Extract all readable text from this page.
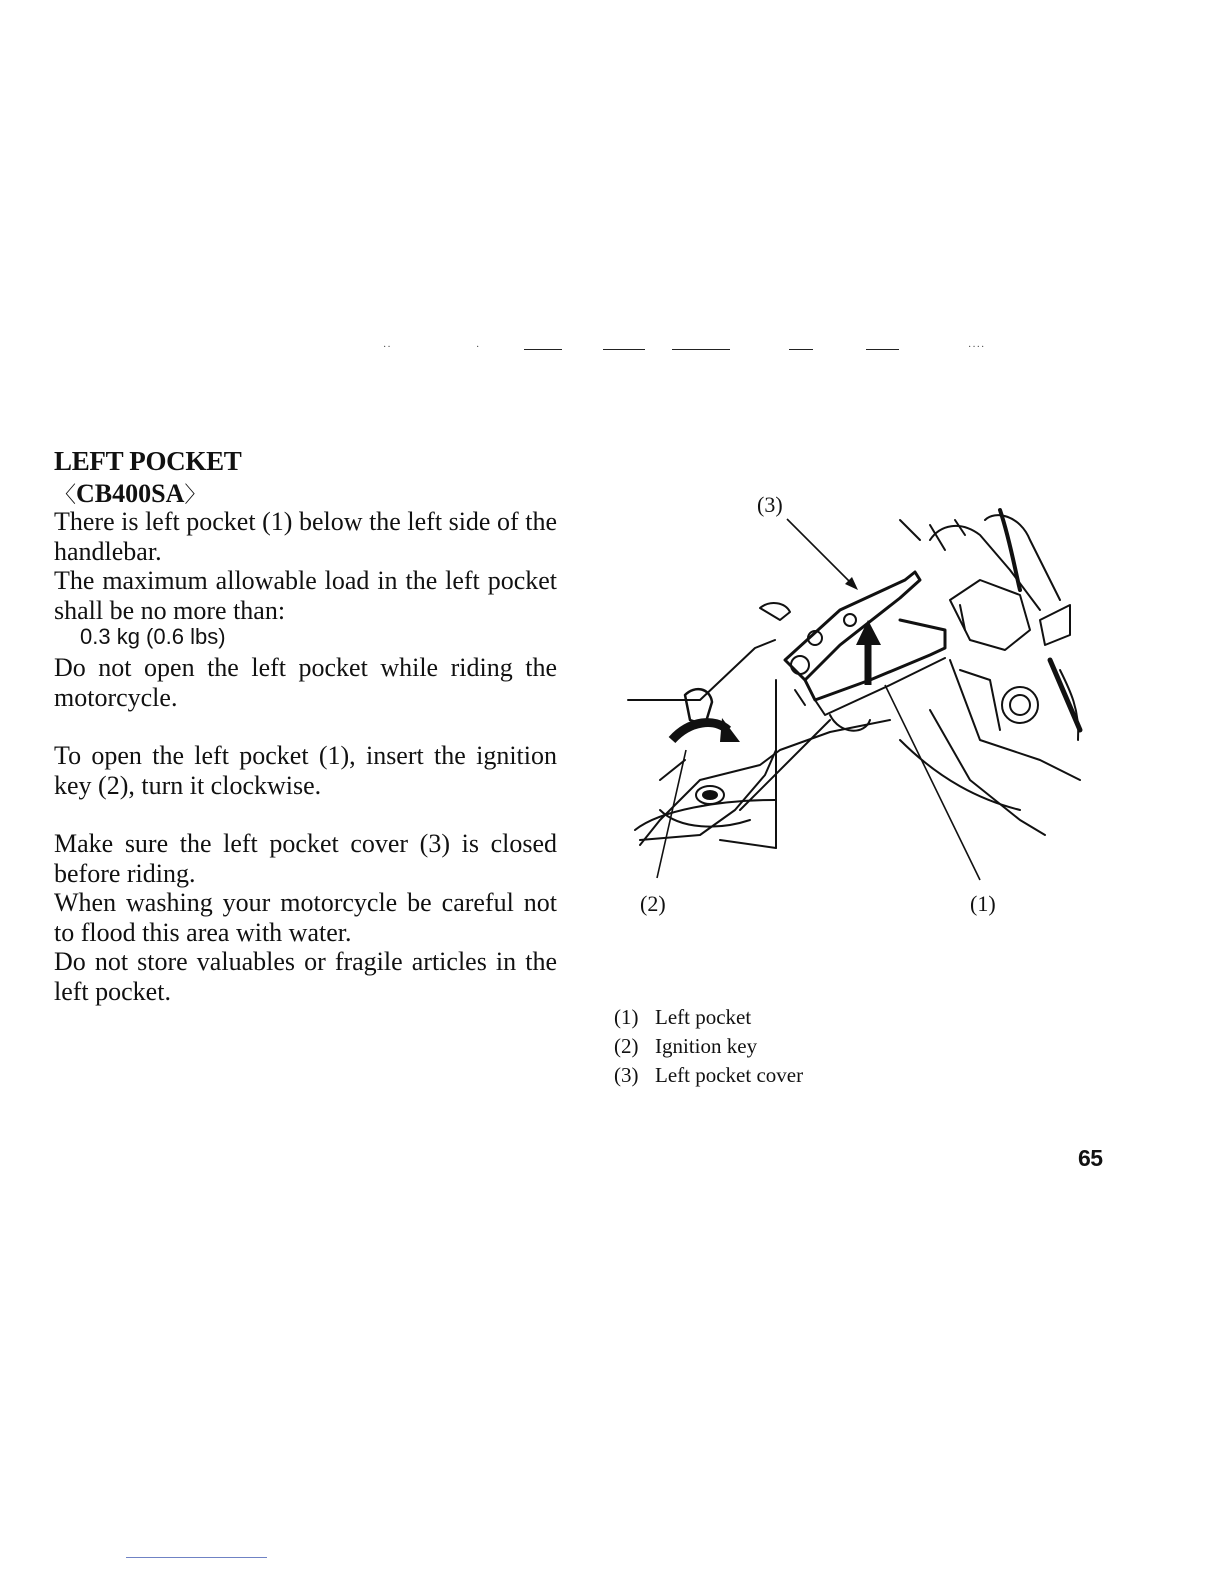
··	·	····
LEFT POCKET
〈CB400SA〉

There is left pocket (1) below the left side of the handlebar.

The maximum allowable load in the left pocket shall be no more than:

0.3 kg (0.6 lbs)

Do not open the left pocket while riding the motorcycle.

To open the left pocket (1), insert the ignition key (2), turn it clockwise.

Make sure the left pocket cover (3) is closed before riding.

When washing your motorcycle be careful not to flood this area with water.

Do not store valuables or fragile articles in the left pocket.

(3)
(2)	(1)
(1) Left pocket
(2) Ignition key
(3) Left pocket cover
65
